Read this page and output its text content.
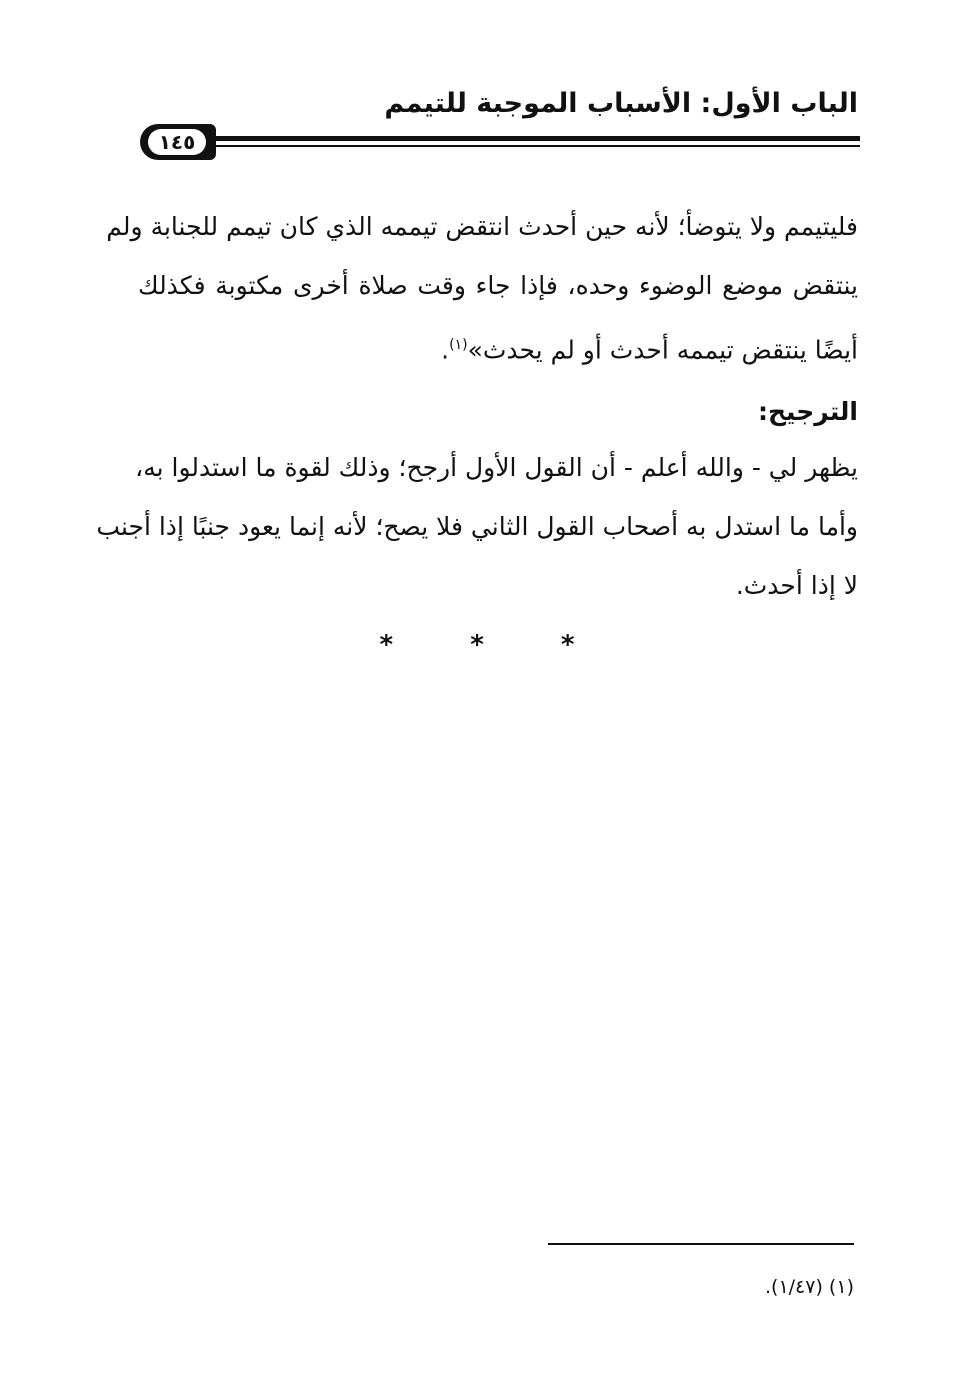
الباب الأول: الأسباب الموجبة للتيمم
١٤٥
فليتيمم ولا يتوضأ؛ لأنه حين أحدث انتقض تيممه الذي كان تيمم للجنابة ولم
ينتقض موضع الوضوء وحده، فإذا جاء وقت صلاة أخرى مكتوبة فكذلك
أيضًا ينتقض تيممه أحدث أو لم يحدث»$^{(١)}$.
الترجيح:
يظهر لي - والله أعلم - أن القول الأول أرجح؛ وذلك لقوة ما استدلوا به،
وأما ما استدل به أصحاب القول الثاني فلا يصح؛ لأنه إنما يعود جنبًا إذا أجنب
لا إذا أحدث.
* * *
(١) (١/٤٧).
